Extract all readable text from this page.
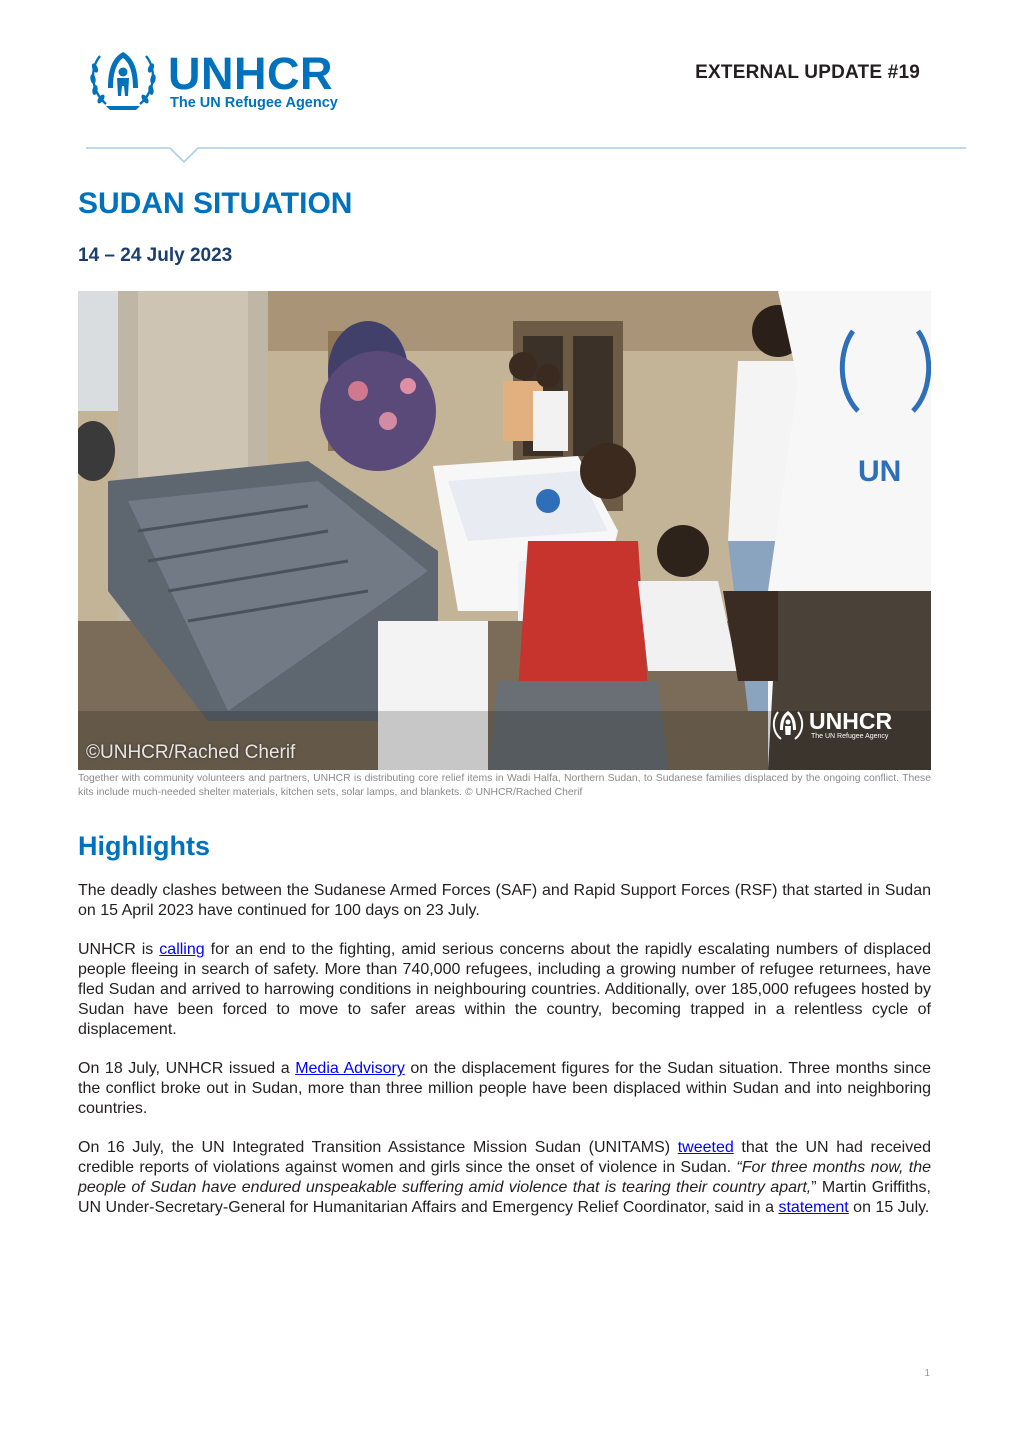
UNHCR
The UN Refugee Agency
EXTERNAL UPDATE #19
SUDAN SITUATION
14 – 24 July 2023
UN
©UNHCR/Rached Cherif
UNHCR
The UN Refugee Agency

Together with community volunteers and partners, UNHCR is distributing core relief items in Wadi Halfa, Northern Sudan, to Sudanese families displaced by the ongoing conflict. These kits include much-needed shelter materials, kitchen sets, solar lamps, and blankets. © UNHCR/Rached Cherif

Highlights

The deadly clashes between the Sudanese Armed Forces (SAF) and Rapid Support Forces (RSF) that started in Sudan on 15 April 2023 have continued for 100 days on 23 July.

UNHCR is calling for an end to the fighting, amid serious concerns about the rapidly escalating numbers of displaced people fleeing in search of safety. More than 740,000 refugees, including a growing number of refugee returnees, have fled Sudan and arrived to harrowing conditions in neighbouring countries. Additionally, over 185,000 refugees hosted by Sudan have been forced to move to safer areas within the country, becoming trapped in a relentless cycle of displacement.

On 18 July, UNHCR issued a Media Advisory on the displacement figures for the Sudan situation. Three months since the conflict broke out in Sudan, more than three million people have been displaced within Sudan and into neighboring countries.

On 16 July, the UN Integrated Transition Assistance Mission Sudan (UNITAMS) tweeted that the UN had received credible reports of violations against women and girls since the onset of violence in Sudan. “For three months now, the people of Sudan have endured unspeakable suffering amid violence that is tearing their country apart,” Martin Griffiths, UN Under-Secretary-General for Humanitarian Affairs and Emergency Relief Coordinator, said in a statement on 15 July.

1
